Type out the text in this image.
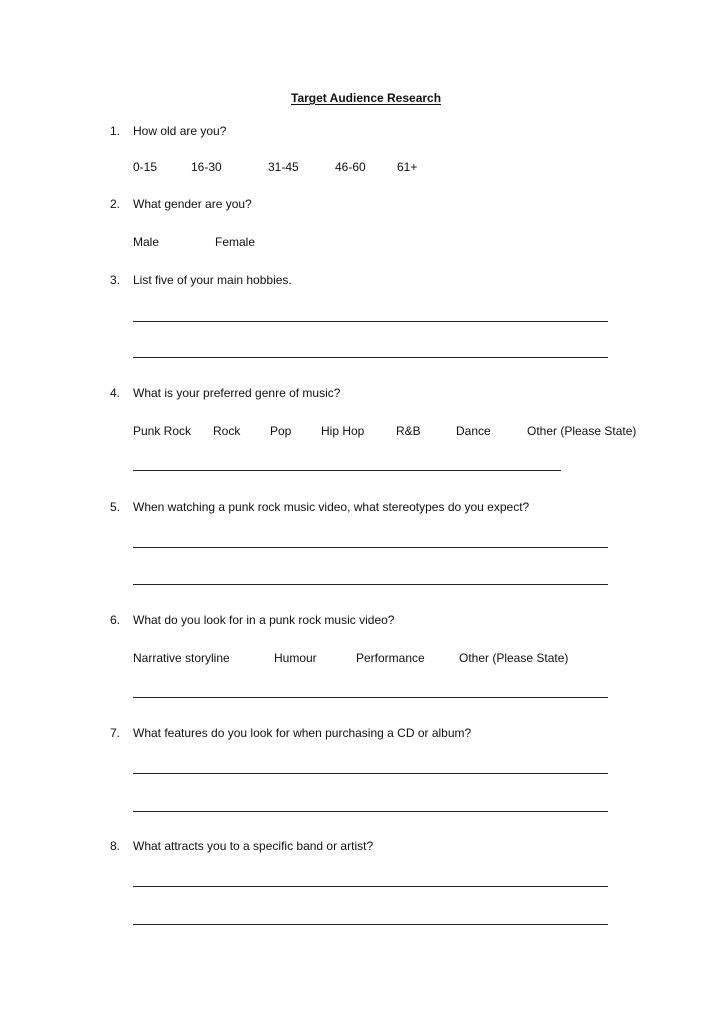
Target Audience Research
1. How old are you?
0-15	16-30	31-45	46-60	61+
2. What gender are you?
Male	Female
3. List five of your main hobbies.
4. What is your preferred genre of music?
Punk Rock Rock Pop Hip Hop	R&B	Dance	Other (Please State)
5. When watching a punk rock music video, what stereotypes do you expect?
6. What do you look for in a punk rock music video?
Narrative storyline	Humour	Performance	Other (Please State)
7. What features do you look for when purchasing a CD or album?
8. What attracts you to a specific band or artist?
